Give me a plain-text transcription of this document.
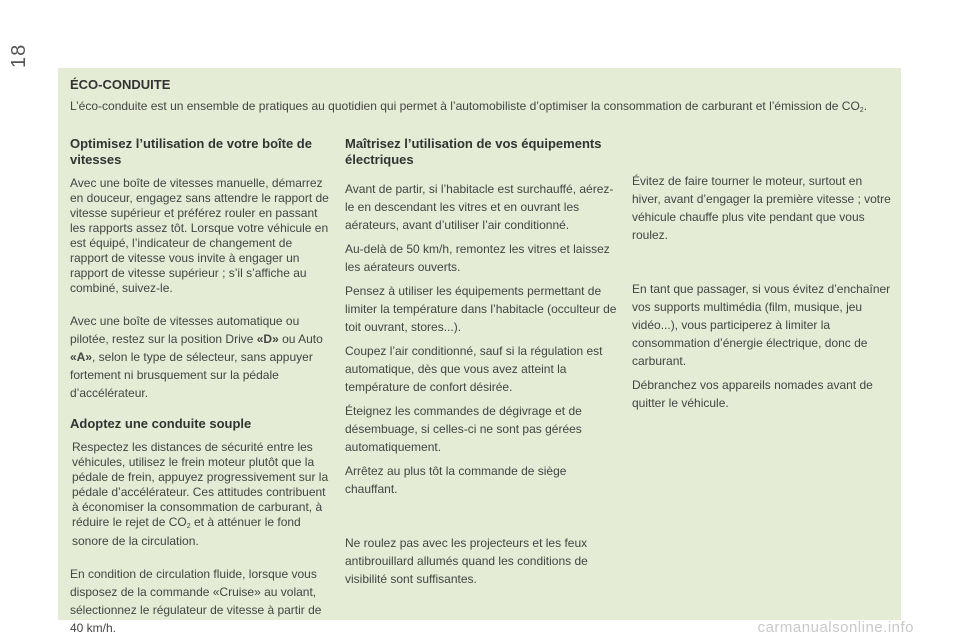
18
ÉCO-CONDUITE

L’éco-conduite est un ensemble de pratiques au quotidien qui permet à l’automobiliste d’optimiser la consommation de carburant et l’émission de $CO_2$.

Optimisez l’utilisation de votre boîte de vitesses

Avec une boîte de vitesses manuelle, démarrez en douceur, engagez sans attendre le rapport de vitesse supérieur et préférez rouler en passant les rapports assez tôt. Lorsque votre véhicule en est équipé, l’indicateur de changement de rapport de vitesse vous invite à engager un rapport de vitesse supérieur ; s’il s’affiche au combiné, suivez-le.

Avec une boîte de vitesses automatique ou pilotée, restez sur la position Drive «D» ou Auto «A», selon le type de sélecteur, sans appuyer fortement ni brusquement sur la pédale d’accélérateur.

Adoptez une conduite souple

Respectez les distances de sécurité entre les véhicules, utilisez le frein moteur plutôt que la pédale de frein, appuyez progressivement sur la pédale d’accélérateur. Ces attitudes contribuent à économiser la consommation de carburant, à réduire le rejet de $CO_2$ et à atténuer le fond sonore de la circulation.

En condition de circulation fluide, lorsque vous disposez de la commande «Cruise» au volant, sélectionnez le régulateur de vitesse à partir de 40 km/h.

Maîtrisez l’utilisation de vos équipements électriques

Avant de partir, si l’habitacle est surchauffé, aérez-le en descendant les vitres et en ouvrant les aérateurs, avant d’utiliser l’air conditionné.

Au-delà de 50 km/h, remontez les vitres et laissez les aérateurs ouverts.

Pensez à utiliser les équipements permettant de limiter la température dans l’habitacle (occulteur de toit ouvrant, stores...).

Coupez l’air conditionné, sauf si la régulation est automatique, dès que vous avez atteint la température de confort désirée.

Éteignez les commandes de dégivrage et de désembuage, si celles-ci ne sont pas gérées automatiquement.

Arrêtez au plus tôt la commande de siège chauffant.

Ne roulez pas avec les projecteurs et les feux antibrouillard allumés quand les conditions de visibilité sont suffisantes.

Évitez de faire tourner le moteur, surtout en hiver, avant d’engager la première vitesse ; votre véhicule chauffe plus vite pendant que vous roulez.

En tant que passager, si vous évitez d’enchaîner vos supports multimédia (film, musique, jeu vidéo...), vous participerez à limiter la consommation d’énergie électrique, donc de carburant.

Débranchez vos appareils nomades avant de quitter le véhicule.

carmanualsonline.info
